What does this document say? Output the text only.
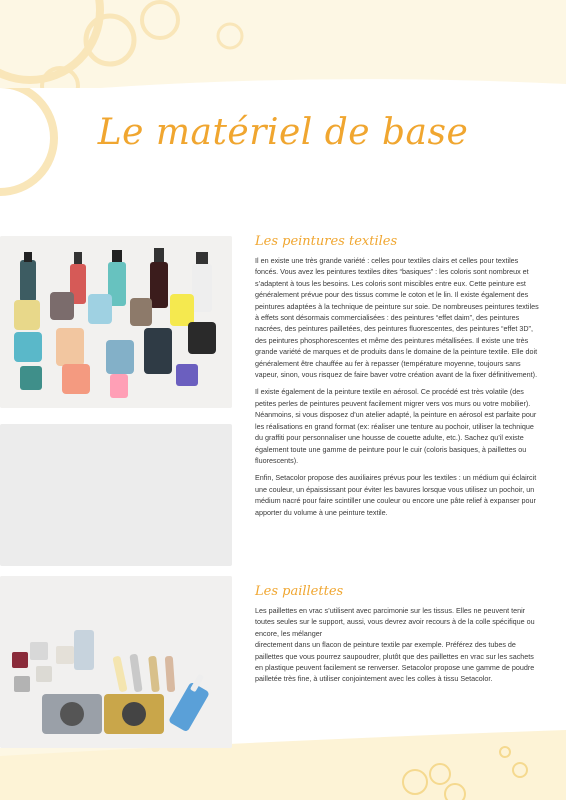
Le matériel de base
Les peintures textiles

Il en existe une très grande variété : celles pour textiles clairs et celles pour textiles foncés. Vous avez les peintures textiles dites “basiques” : les coloris sont nombreux et s’adaptent à tous les besoins. Les coloris sont miscibles entre eux. Cette peinture est généralement prévue pour des tissus comme le coton et le lin. Il existe également des peintures adaptées à la technique de peinture sur soie. De nombreuses peintures textiles à effets sont désormais commercialisées : des peintures “effet daim”, des peintures nacrées, des peintures pailletées, des peintures fluorescentes, des peintures “effet 3D”, des peintures phosphorescentes et même des peintures métallisées. Il existe une très grande variété de marques et de produits dans le domaine de la peinture textile. Elle doit généralement être chauffée au fer à repasser (température moyenne, toujours sans vapeur, sinon, vous risquez de faire baver votre création avant de la fixer définitivement).

Il existe également de la peinture textile en aérosol. Ce procédé est très volatile (des petites perles de peintures peuvent facilement migrer vers vos murs ou votre mobilier). Néanmoins, si vous disposez d’un atelier adapté, la peinture en aérosol est parfaite pour les réalisations en grand format (ex: réaliser une tenture au pochoir, utiliser la technique du graffiti pour personnaliser une housse de couette adulte, etc.). Sachez qu’il existe également toute une gamme de peinture pour le cuir (coloris basiques, à paillettes ou fluorescents).

Enfin, Setacolor propose des auxiliaires prévus pour les textiles : un médium qui éclaircit une couleur, un épaississant pour éviter les bavures lorsque vous utilisez un pochoir, un médium nacré pour faire scintiller une couleur ou encore une pâte relief à expanser pour apporter du volume à une peinture textile.

Les paillettes

Les paillettes en vrac s’utilisent avec parcimonie sur les tissus. Elles ne peuvent tenir toutes seules sur le support, aussi, vous devrez avoir recours à de la colle spécifique ou encore, les mélanger
directement dans un flacon de peinture textile par exemple. Préférez des tubes de paillettes que vous pourrez saupoudrer, plutôt que des paillettes en vrac sur les sachets en plastique peuvent facilement se renverser. Setacolor propose une gamme de poudre pailletée très fine, à utiliser conjointement avec les colles à tissu Setacolor.
